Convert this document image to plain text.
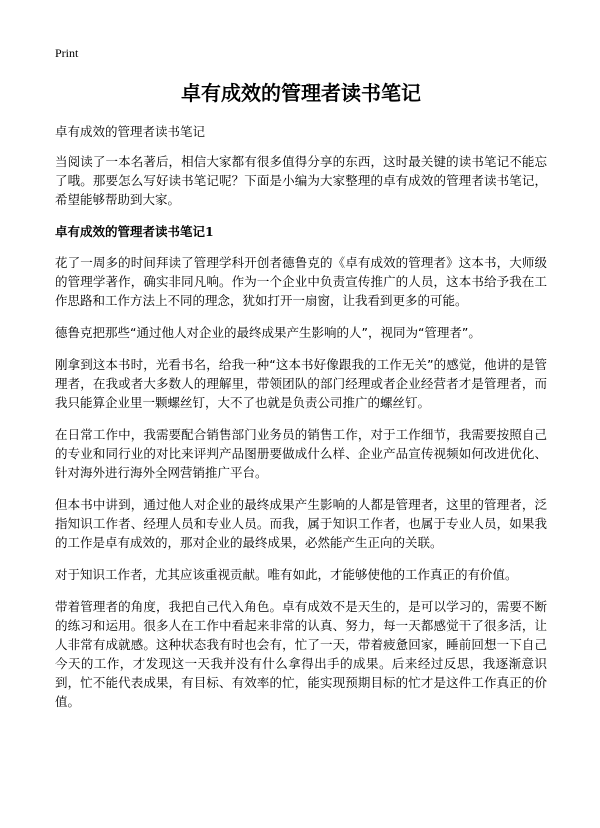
Print
卓有成效的管理者读书笔记

卓有成效的管理者读书笔记

当阅读了一本名著后，相信大家都有很多值得分享的东西，这时最关键的读书笔记不能忘了哦。那要怎么写好读书笔记呢？下面是小编为大家整理的卓有成效的管理者读书笔记，希望能够帮助到大家。

卓有成效的管理者读书笔记1

花了一周多的时间拜读了管理学科开创者德鲁克的《卓有成效的管理者》这本书，大师级的管理学著作，确实非同凡响。作为一个企业中负责宣传推广的人员，这本书给予我在工作思路和工作方法上不同的理念，犹如打开一扇窗，让我看到更多的可能。

德鲁克把那些“通过他人对企业的最终成果产生影响的人”，视同为“管理者”。

刚拿到这本书时，光看书名，给我一种“这本书好像跟我的工作无关”的感觉，他讲的是管理者，在我或者大多数人的理解里，带领团队的部门经理或者企业经营者才是管理者，而我只能算企业里一颗螺丝钉，大不了也就是负责公司推广的螺丝钉。

在日常工作中，我需要配合销售部门业务员的销售工作，对于工作细节，我需要按照自己的专业和同行业的对比来评判产品图册要做成什么样、企业产品宣传视频如何改进优化、针对海外进行海外全网营销推广平台。

但本书中讲到，通过他人对企业的最终成果产生影响的人都是管理者，这里的管理者，泛指知识工作者、经理人员和专业人员。而我，属于知识工作者，也属于专业人员，如果我的工作是卓有成效的，那对企业的最终成果，必然能产生正向的关联。

对于知识工作者，尤其应该重视贡献。唯有如此，才能够使他的工作真正的有价值。

带着管理者的角度，我把自己代入角色。卓有成效不是天生的，是可以学习的，需要不断的练习和运用。很多人在工作中看起来非常的认真、努力，每一天都感觉干了很多活，让人非常有成就感。这种状态我有时也会有，忙了一天，带着疲惫回家，睡前回想一下自己今天的工作，才发现这一天我并没有什么拿得出手的成果。后来经过反思，我逐渐意识到，忙不能代表成果，有目标、有效率的忙，能实现预期目标的忙才是这件工作真正的价值。
